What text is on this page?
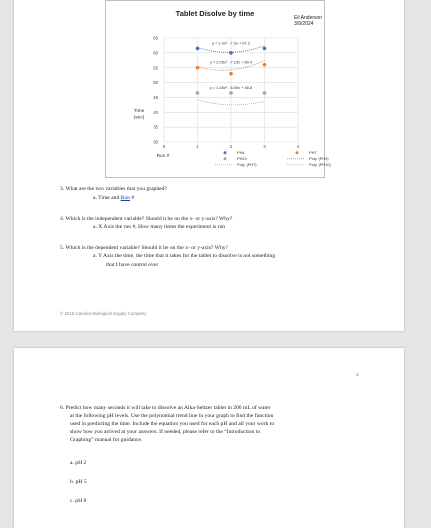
Tablet Disolve by time	Eli Anderson
3/9/2024
30
35
40
45
50
55
60
65
0	1	2	3	4
Time
(sec)
Run #
y = 1.9x² - 7.3x + 67.2
y = 2.05x² - 7.15x + 60.4
y = 1.45x² - 6.05x + 48.8
PH4
PH10
Poly. (PH7)
PH7
Poly. (PH4)
Poly. (PH10)
3. What are the two variables that you graphed?
a. Time and Run #
4. Which is the independent variable? Should it be on the x- or y-axis? Why?
a. X Axis the run #, How many times the experiment is run
5. Which is the dependent variable? Should it be on the x- or y-axis? Why?
a. Y Axis the time, the time that it takes for the tablet to dissolve is not something
that I have control over
© 2016 Carolina Biological Supply Company
3
6. Predict how many seconds it will take to dissolve an Alka-Seltzer tablet in 200 mL of water
at the following pH levels. Use the polynomial trend line in your graph to find the function
used in predicting the time. Include the equation you used for each pH and all your work to
show how you arrived at your answers. If needed, please refer to the “Introduction to
Graphing” manual for guidance.
a. pH 2
b. pH 5
c. pH 8
